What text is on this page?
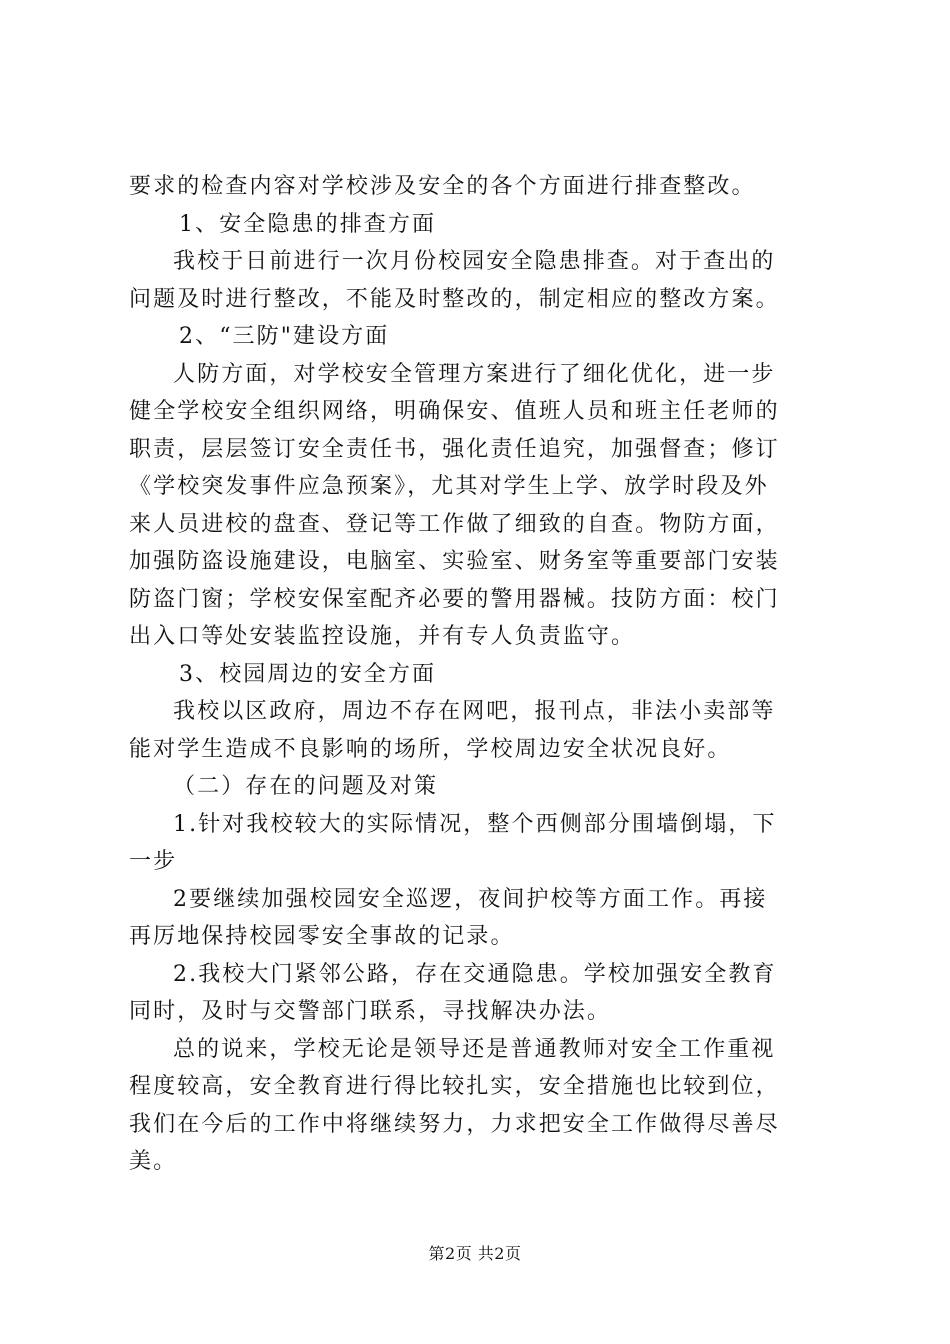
要求的检查内容对学校涉及安全的各个方面进行排查整改。
1、安全隐患的排查方面
我校于日前进行一次月份校园安全隐患排查。对于查出的
问题及时进行整改，不能及时整改的，制定相应的整改方案。
2、“三防"建设方面
人防方面，对学校安全管理方案进行了细化优化，进一步
健全学校安全组织网络，明确保安、值班人员和班主任老师的
职责，层层签订安全责任书，强化责任追究，加强督查；修订
《学校突发事件应急预案》，尤其对学生上学、放学时段及外
来人员进校的盘查、登记等工作做了细致的自查。物防方面，
加强防盗设施建设，电脑室、实验室、财务室等重要部门安装
防盗门窗；学校安保室配齐必要的警用器械。技防方面：校门
出入口等处安装监控设施，并有专人负责监守。
3、校园周边的安全方面
我校以区政府，周边不存在网吧，报刊点，非法小卖部等
能对学生造成不良影响的场所，学校周边安全状况良好。
（二）存在的问题及对策
1.针对我校较大的实际情况，整个西侧部分围墙倒塌，下
一步
2要继续加强校园安全巡逻，夜间护校等方面工作。再接
再厉地保持校园零安全事故的记录。
2.我校大门紧邻公路，存在交通隐患。学校加强安全教育
同时，及时与交警部门联系，寻找解决办法。
总的说来，学校无论是领导还是普通教师对安全工作重视
程度较高，安全教育进行得比较扎实，安全措施也比较到位，
我们在今后的工作中将继续努力，力求把安全工作做得尽善尽
美。
第2页 共2页
